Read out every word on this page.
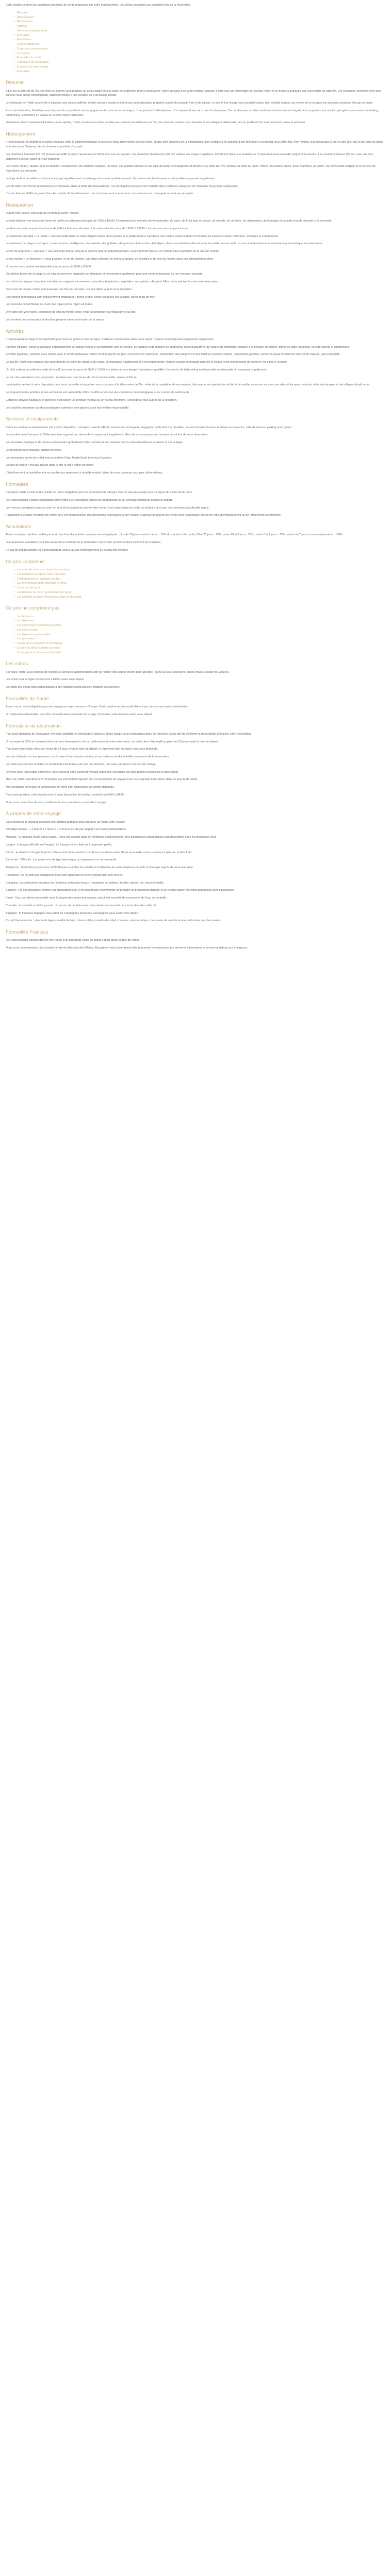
Cette section contient les conditions générales de vente proposées par notre établissement. Les clients acceptent ces conditions lors de la réservation.

▪ Résumé
▪ Hébergement
▪ Restauration
▪ Activités
▪ Services et équipements
▪ Formalités
▪ Annulations
▪ Ce prix comprend
▪ Ce prix ne comprend pas
▪ Les extras
▪ Formalités de santé
▪ Formulaire de réservation
▪ À propos de votre voyage
▪ Formalités
Résumé

Situé sur la côte est de l'île, cet hôtel de charme vous propose un séjour placé sous le signe de la détente et de la découverte. Niché au cœur d'un jardin tropical luxuriant, il offre une vue imprenable sur l'océan Indien et se trouve à quelques pas d'une plage de sable fin. Les chambres, décorées avec goût dans un style créole contemporain, disposent toutes d'une terrasse ou d'un balcon privatif.

Le restaurant de l'hôtel vous invite à savourer une cuisine raffinée, mêlant saveurs locales et influences internationales, préparée à partir de produits frais et de saison. Le soir, le bar lounge vous accueille autour d'un cocktail maison, au rythme de la musique live proposée plusieurs fois par semaine.

Pour votre bien-être, l'établissement dispose d'un spa offrant une large gamme de soins et de massages, d'une piscine à débordement, d'un espace fitness ainsi que d'un hammam. De nombreuses activités nautiques et terrestres sont également proposées à proximité : plongée sous-marine, snorkeling, randonnées, excursions en bateau ou encore visites culturelles.

Idéalement situé à quelques kilomètres de la capitale, l'hôtel constitue une base parfaite pour explorer les richesses de l'île, ses marchés colorés, ses cascades et ses villages traditionnels, tout en profitant d'un environnement calme et préservé.

Hébergement

L'hôtel propose 48 chambres et suites réparties entre le bâtiment principal et plusieurs villas disséminées dans le jardin. Toutes sont équipées de la climatisation, d'un ventilateur de plafond, d'une télévision à écran plat, d'un coffre-fort, d'un minibar, d'un nécessaire à thé et café ainsi que d'une salle de bains avec douche à l'italienne, sèche-cheveux et produits d'accueil.

Les chambres Standard (25 m²) peuvent accueillir jusqu'à 2 personnes et offrent une vue sur le jardin. Les chambres Supérieures (30 m²), situées aux étages supérieurs, bénéficient d'une vue partielle sur l'océan et peuvent accueillir jusqu'à 3 personnes. Les chambres Deluxe (35 m²), avec vue mer, disposent d'un coin salon et d'une baignoire.

Les Suites (55 m²), idéales pour les familles, comprennent une chambre séparée, un salon, une grande terrasse et une salle de bains avec baignoire et douche. Les Villas (80 m²), nichées au cœur du jardin, offrent une piscine privée, deux chambres, un salon, une kitchenette équipée et un service de majordome sur demande.

Le linge de lit et de toilette est fourni et changé régulièrement. Le ménage est assuré quotidiennement. Un service de blanchisserie est disponible moyennant supplément.

Les lits bébé sont fournis gratuitement sur demande, dans la limite des disponibilités. Les lits d'appoint peuvent être installés dans certaines catégories de chambres moyennant supplément.

L'accès Internet Wi-Fi est gratuit dans l'ensemble de l'établissement. Les chambres sont non-fumeurs. Les animaux de compagnie ne sont pas acceptés.

Restauration

Durant votre séjour, vous logerez en formule Demi-Pension.

Le petit-déjeuner est servi sous forme de buffet au restaurant principal, de 7h00 à 10h30. Il comprend une sélection de viennoiseries, de pains, de fruits frais de saison, de yaourts, de céréales, de charcuteries, de fromages et de plats chauds préparés à la demande.

Le dîner vous est proposé sous forme de buffet à thème ou de menu à la carte selon les soirs, de 19h00 à 22h00. Les boissons ne sont pas incluses.

Le restaurant principal « Le Jardin » vous accueille dans un cadre élégant ouvert sur la piscine et le jardin tropical. Il propose une cuisine variée mettant à l'honneur les saveurs créoles, indiennes, chinoises et européennes.

Le restaurant de plage « Le Lagon » vous propose, au déjeuner, des salades, des grillades, des poissons frais et des plats légers, dans une ambiance décontractée les pieds dans le sable. Le soir, il se transforme en restaurant gastronomique sur réservation.

Le bar de la piscine « L'Horizon » vous accueille tout au long de la journée pour un rafraîchissement, un jus de fruits frais ou un cocktail tout en profitant de la vue sur l'océan.

Le bar lounge « Le Belvédère » vous propose, en fin de journée, une large sélection de rhums arrangés, de cocktails et de vins du monde, dans une atmosphère feutrée.

Un service en chambre est disponible tous les jours de 7h00 à 23h00.

Des dîners privés sur la plage ou en villa peuvent être organisés sur demande et moyennant supplément, pour une soirée romantique ou une occasion spéciale.

Le chef et son équipe s'adaptent volontiers aux régimes alimentaires particuliers (végétarien, végétalien, sans gluten, allergies). Merci de le préciser lors de votre réservation.

Des cours de cuisine créole sont proposés une fois par semaine, sur inscription auprès de la réception.

Des soirées thématiques sont régulièrement organisées : soirée créole, soirée barbecue sur la plage, soirée fruits de mer.

Les boissons consommées au cours des repas sont à régler sur place.

Une carte des vins variée, composée de vins du monde entier, vous est proposée au restaurant et au bar.

Les horaires des restaurants et des bars peuvent varier en fonction de la saison.

Activités

L'hôtel propose un large choix d'activités pour tous les goûts et tous les âges. Certaines sont incluses dans votre séjour, d'autres sont proposées moyennant supplément.

Activités incluses : accès à la piscine à débordement, à l'espace fitness et au hammam, prêt de kayaks, de paddles et de matériel de snorkeling, cours d'aquagym, de yoga et de stretching, initiation à la plongée en piscine, tennis de table, pétanque, jeux de société et bibliothèque.

Activités payantes : plongée sous-marine avec le centre partenaire, sorties en mer, pêche au gros, excursions en catamaran, observation des dauphins et des baleines (selon la saison), randonnées guidées, sorties en quad, location de vélos et de voitures, golf à proximité.

Le spa de l'hôtel vous propose une large gamme de soins du visage et du corps, de massages traditionnels et d'enveloppements, réalisés à partir de produits naturels et locaux. Il est recommandé de réserver vos soins à l'avance.

Un club enfants accueille les petits de 4 à 12 ans tous les jours de 9h00 à 17h00, encadrés par une équipe d'animateurs qualifiés. Un service de baby-sitting est disponible sur demande et moyennant supplément.

Le soir, des animations sont proposées : musique live, spectacles de danse traditionnelle, soirées à thème.

La réception se tient à votre disposition pour vous conseiller et organiser vos excursions à la découverte de l'île : visite de la capitale et de son marché, découverte des plantations de thé et de vanille, excursion vers les cascades et les parcs naturels, visite des temples et des villages de pêcheurs.

Le programme des activités et des animations est susceptible d'être modifié en fonction des conditions météorologiques et du nombre de participants.

Certaines activités nautiques et sportives nécessitent un certificat médical ou un niveau minimum. Renseignez-vous auprès de la réception.

Les activités proposées par des prestataires extérieurs sont placées sous leur entière responsabilité.

Services et équipements

Parmi les services et équipements mis à votre disposition : réception ouverte 24h/24, service de conciergerie, bagagerie, coffre-fort à la réception, service de blanchisserie, boutique de souvenirs, salle de réunion, parking privé gratuit.

Le transfert entre l'aéroport et l'hôtel peut être organisé sur demande et moyennant supplément. Merci de communiquer vos horaires de vol lors de votre réservation.

Les serviettes de plage et de piscine sont fournies gratuitement. Des transats et des parasols sont à votre disposition à la piscine et sur la plage.

Le personnel parle français, anglais et créole.

Les principales cartes de crédit sont acceptées (Visa, MasterCard, American Express).

La taxe de séjour n'est pas incluse dans le prix et est à régler sur place.

L'établissement est partiellement accessible aux personnes à mobilité réduite. Merci de nous contacter pour plus d'informations.

Formalités

Passeport valide 6 mois après la date de retour obligatoire pour les ressortissants français. Pas de visa nécessaire pour un séjour de moins de 90 jours.

Les ressortissants d'autres nationalités sont invités à se renseigner auprès de l'ambassade ou du consulat compétent avant leur départ.

Les mineurs voyageant seuls ou avec un seul de leurs parents doivent être munis d'une autorisation de sortie du territoire ainsi que des documents justificatifs requis.

Il appartient à chaque voyageur de vérifier qu'il est en possession des documents nécessaires à son voyage. L'agence ne pourra être tenue pour responsable en cas de refus d'embarquement ou de refoulement à la frontière.

Annulations

Toute annulation doit être notifiée par écrit. Les frais d'annulation suivants seront appliqués : plus de 30 jours avant le départ : 10% du montant total ; entre 30 et 21 jours : 25% ; entre 20 et 8 jours : 50% ; entre 7 et 2 jours : 75% ; moins de 2 jours ou non-présentation : 100%.

Une assurance annulation peut être souscrite au moment de la réservation. Nous vous recommandons vivement d'y souscrire.

En cas de départ anticipé ou d'interruption de séjour, aucun remboursement ne pourra être effectué.

Ce prix comprend
▪ Les vols aller-retour en classe économique
▪ Les transferts aéroport / hôtel / aéroport
▪ L'hébergement en chambre double
▪ La demi-pension (petit-déjeuner et dîner)
▪ Les taxes aéroport
▪ L'assistance de notre représentant sur place
▪ Les activités incluses mentionnées dans le descriptif
Ce prix ne comprend pas
▪ Les boissons
▪ Les déjeuners
▪ Les excursions et activités payantes
▪ Les soins au spa
▪ Les dépenses personnelles
▪ Les pourboires
▪ L'assurance annulation et multirisque
▪ La taxe de séjour à régler sur place
▪ Le supplément chambre individuelle
Les extras

Sur place, l'hôtel vous propose de nombreux services supplémentaires afin de rendre votre séjour encore plus agréable : soins au spa, excursions, dîners privés, location de voitures.

Les extras sont à régler directement à l'hôtel avant votre départ.

Les tarifs des extras sont communiqués à titre indicatif et peuvent être modifiés sans préavis.

Formalités de Santé

Aucun vaccin n'est obligatoire pour les voyageurs en provenance d'Europe. Il est toutefois recommandé d'être à jour de ses vaccinations habituelles.

Un traitement antipaludéen peut être conseillé selon la période de voyage. Consultez votre médecin avant votre départ.

Formulaire de réservation

Pour toute demande de réservation, merci de compléter le formulaire ci-dessous. Notre équipe vous recontactera dans les meilleurs délais afin de confirmer la disponibilité et finaliser votre réservation.

Un acompte de 30% du montant total vous sera demandé lors de la confirmation de votre réservation. Le solde devra être réglé au plus tard 30 jours avant la date de départ.

Pour toute réservation effectuée moins de 30 jours avant la date de départ, le règlement total du séjour vous sera demandé.

Les prix indiqués sont par personne, sur la base d'une chambre double, et sous réserve de disponibilité au moment de la réservation.

Les tarifs peuvent être modifiés en fonction des fluctuations du prix du carburant, des taxes aéroport et du taux de change.

Une fois votre réservation confirmée, vous recevrez votre carnet de voyage contenant l'ensemble des documents nécessaires à votre séjour.

Merci de vérifier attentivement l'ensemble des informations figurant sur vos documents de voyage et de nous signaler toute erreur dans les plus brefs délais.

Nos conditions générales et particulières de vente sont disponibles sur simple demande.

Pour toute question, notre équipe reste à votre disposition du lundi au vendredi de 9h00 à 18h00.

Nous vous remercions de votre confiance et vous souhaitons un excellent voyage.

À propos de votre voyage

Vous trouverez ci-dessous quelques informations pratiques pour préparer au mieux votre voyage.

Décalage horaire : + 3 heures en hiver et + 2 heures en été par rapport à la France métropolitaine.

Monnaie : la monnaie locale est la roupie. L'euro est accepté dans de nombreux établissements. Des distributeurs automatiques sont disponibles dans les principales villes.

Langue : la langue officielle est l'anglais. Le français et le créole sont largement parlés.

Climat : le climat est de type tropical. L'été austral (de novembre à avril) est chaud et humide, l'hiver austral (de mai à octobre) est plus sec et plus frais.

Électricité : 220 volts. Les prises sont de type britannique, un adaptateur est recommandé.

Téléphone : l'indicatif du pays est le +230. Pensez à vérifier les conditions d'utilisation de votre téléphone portable à l'étranger auprès de votre opérateur.

Pourboires : ils ne sont pas obligatoires mais sont appréciés en remerciement d'un bon service.

Shopping : vous trouverez sur place de nombreux artisanats locaux : maquettes de bateaux, textiles, épices, thé, rhum et vanille.

Sécurité : l'île est considérée comme une destination sûre. Il est néanmoins recommandé de prendre les précautions d'usage et de ne pas laisser vos effets personnels sans surveillance.

Santé : l'eau du robinet est potable dans la plupart des zones touristiques, mais il est conseillé de consommer de l'eau en bouteille.

Conduite : la conduite se fait à gauche. Un permis de conduire international est recommandé pour la location d'un véhicule.

Bagages : la franchise bagages varie selon les compagnies aériennes. Renseignez-vous avant votre départ.

Ce qu'il faut emporter : vêtements légers, maillot de bain, crème solaire, lunettes de soleil, chapeau, anti-moustique, chaussures de marche et une petite laine pour les soirées.

Formalités Français

Les ressortissants français doivent être munis d'un passeport valide au moins 6 mois après la date de retour.

Nous vous recommandons de consulter le site du Ministère des Affaires Étrangères avant votre départ afin de prendre connaissance des dernières informations et recommandations aux voyageurs.
